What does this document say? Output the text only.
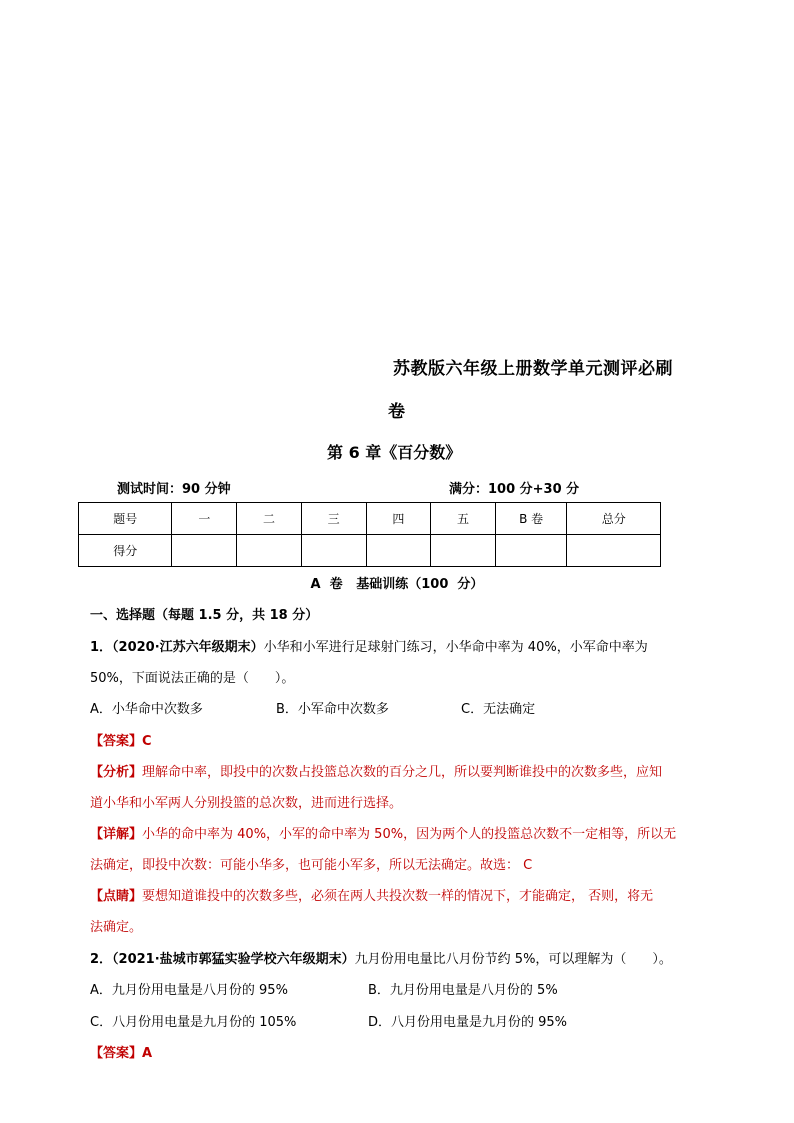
苏教版六年级上册数学单元测评必刷
卷
第 6 章《百分数》
测试时间：90 分钟	满分：100 分+30 分
题号	一	二	三	四	五	B 卷	总分
得分							
A  卷   基础训练（100  分）
一、选择题（每题 1.5 分，共 18 分）
1．（2020·江苏六年级期末）小华和小军进行足球射门练习，小华命中率为 40%，小军命中率为
50%，下面说法正确的是（　　）。
A．小华命中次数多	B．小军命中次数多	C．无法确定
【答案】C
【分析】理解命中率，即投中的次数占投篮总次数的百分之几，所以要判断谁投中的次数多些，应知
道小华和小军两人分别投篮的总次数，进而进行选择。
【详解】小华的命中率为 40%，小军的命中率为 50%，因为两个人的投篮总次数不一定相等，所以无
法确定，即投中次数：可能小华多，也可能小军多，所以无法确定。故选： C
【点睛】要想知道谁投中的次数多些，必须在两人共投次数一样的情况下，才能确定， 否则，将无
法确定。
2．（2021·盐城市郭猛实验学校六年级期末）九月份用电量比八月份节约 5%，可以理解为（　　）。
A．九月份用电量是八月份的 95%	B．九月份用电量是八月份的 5%
C．八月份用电量是九月份的 105%	D．八月份用电量是九月份的 95%
【答案】A
